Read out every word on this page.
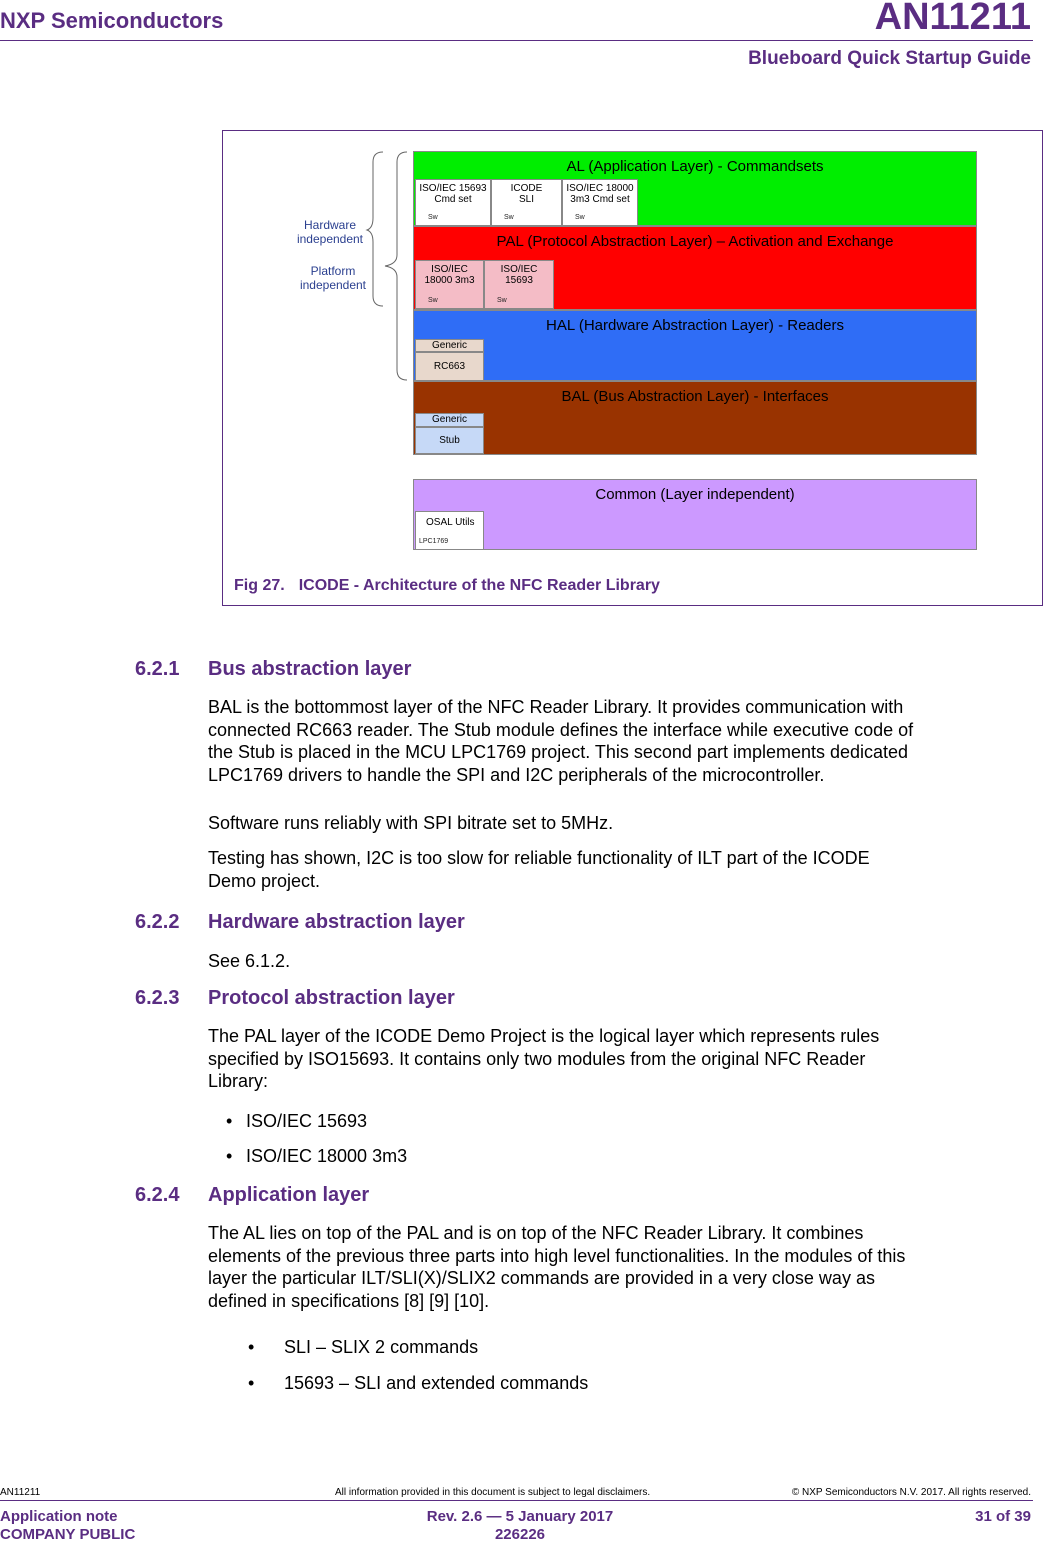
NXP Semiconductors	AN11211
Blueboard Quick Startup Guide
Hardware
independent
Platform
independent
AL (Application Layer) - Commandsets
ISO/IEC 15693
Cmd set
Sw
ICODE
SLI
Sw
ISO/IEC 18000
3m3 Cmd set
Sw
PAL (Protocol Abstraction Layer) – Activation and Exchange
ISO/IEC
18000 3m3
Sw
ISO/IEC
15693
Sw
HAL (Hardware Abstraction Layer) - Readers
Generic
RC663
BAL (Bus Abstraction Layer) - Interfaces
Generic
Stub
Common (Layer independent)
OSAL Utils
LPC1769
Fig 27. ICODE - Architecture of the NFC Reader Library
6.2.1 Bus abstraction layer
BAL is the bottommost layer of the NFC Reader Library. It provides communication with
connected RC663 reader. The Stub module defines the interface while executive code of
the Stub is placed in the MCU LPC1769 project. This second part implements dedicated
LPC1769 drivers to handle the SPI and I2C peripherals of the microcontroller.
Software runs reliably with SPI bitrate set to 5MHz.
Testing has shown, I2C is too slow for reliable functionality of ILT part of the ICODE
Demo project.
6.2.2 Hardware abstraction layer
See 6.1.2.
6.2.3 Protocol abstraction layer
The PAL layer of the ICODE Demo Project is the logical layer which represents rules
specified by ISO15693. It contains only two modules from the original NFC Reader
Library:
• ISO/IEC 15693
• ISO/IEC 18000 3m3
6.2.4 Application layer
The AL lies on top of the PAL and is on top of the NFC Reader Library. It combines
elements of the previous three parts into high level functionalities. In the modules of this
layer the particular ILT/SLI(X)/SLIX2 commands are provided in a very close way as
defined in specifications [8] [9] [10].
• SLI – SLIX 2 commands
• 15693 – SLI and extended commands
AN11211	All information provided in this document is subject to legal disclaimers.	© NXP Semiconductors N.V. 2017. All rights reserved.
Application note
COMPANY PUBLIC
Rev. 2.6 — 5 January 2017
226226
31 of 39
